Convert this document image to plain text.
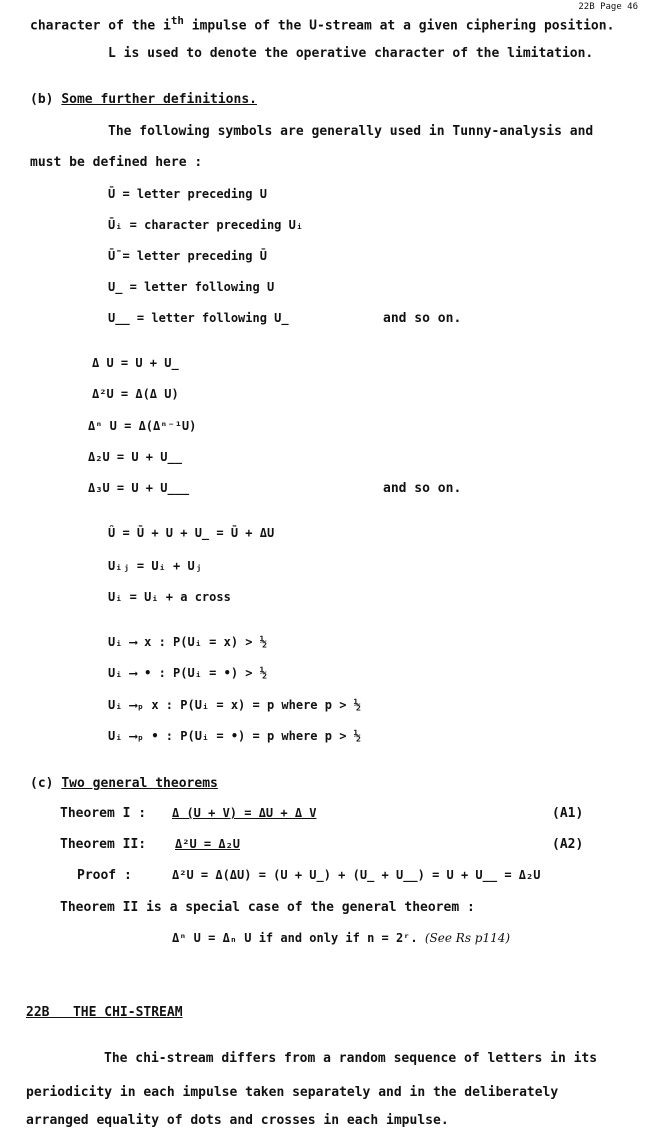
22B Page 46
character of the $i^{th}$ impulse of the U-stream at a given ciphering position.
L is used to denote the operative character of the limitation.
(b) Some further definitions.
The following symbols are generally used in Tunny-analysis and
must be defined here :
Ū = letter preceding U
Ūᵢ = character preceding Uᵢ
Ū̄ = letter preceding Ū
U̲ = letter following U
U̲̲ = letter following U̲	and so on.
Δ U = U + U̲
Δ²U = Δ(Δ U)
Δⁿ U = Δ(Δⁿ⁻¹U)
Δ₂U = U + U̲̲
Δ₃U = U + U̲̲̲	and so on.
Û = Ū + U + U̲ = Ū + ΔU
Uᵢⱼ = Uᵢ + Uⱼ
Uᵢ = Uᵢ + a cross
Uᵢ ⟶ x : P(Uᵢ = x) > ½
Uᵢ ⟶ • : P(Uᵢ = •) > ½
Uᵢ ⟶ₚ x : P(Uᵢ = x) = p where p > ½
Uᵢ ⟶ₚ • : P(Uᵢ = •) = p where p > ½
(c) Two general theorems
Theorem I : Δ (U + V) = ΔU + Δ V	(A1)
Theorem II: Δ²U = Δ₂U	(A2)
Proof :	Δ²U = Δ(ΔU) = (U + U̲) + (U̲ + U̲̲) = U + U̲̲ = Δ₂U
Theorem II is a special case of the general theorem :
Δⁿ U = Δₙ U if and only if n = 2ʳ. (See Rs p114)
22B THE CHI-STREAM
The chi-stream differs from a random sequence of letters in its
periodicity in each impulse taken separately and in the deliberately
arranged equality of dots and crosses in each impulse.
